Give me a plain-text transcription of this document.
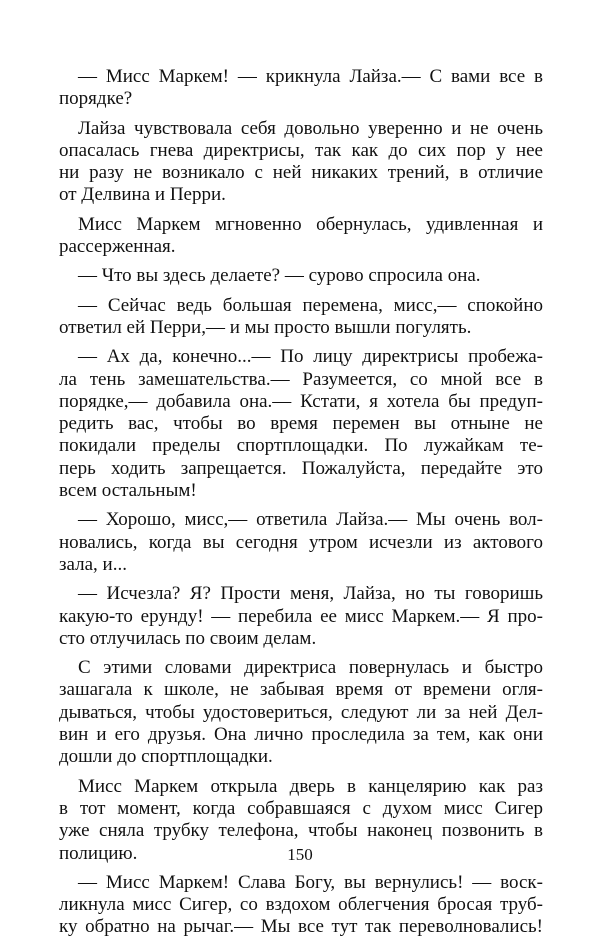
— Мисс Маркем! — крикнула Лайза.— С вами все в
порядке?
Лайза чувствовала себя довольно уверенно и не очень
опасалась гнева директрисы, так как до сих пор у нее
ни разу не возникало с ней никаких трений, в отличие
от Делвина и Перри.
Мисс Маркем мгновенно обернулась, удивленная и
рассерженная.
— Что вы здесь делаете? — сурово спросила она.
— Сейчас ведь большая перемена, мисс,— спокойно
ответил ей Перри,— и мы просто вышли погулять.
— Ах да, конечно...— По лицу директрисы пробежа-
ла тень замешательства.— Разумеется, со мной все в
порядке,— добавила она.— Кстати, я хотела бы предуп-
редить вас, чтобы во время перемен вы отныне не
покидали пределы спортплощадки. По лужайкам те-
перь ходить запрещается. Пожалуйста, передайте это
всем остальным!
— Хорошо, мисс,— ответила Лайза.— Мы очень вол-
новались, когда вы сегодня утром исчезли из актового
зала, и...
— Исчезла? Я? Прости меня, Лайза, но ты говоришь
какую-то ерунду! — перебила ее мисс Маркем.— Я про-
сто отлучилась по своим делам.
С этими словами директриса повернулась и быстро
зашагала к школе, не забывая время от времени огля-
дываться, чтобы удостовериться, следуют ли за ней Дел-
вин и его друзья. Она лично проследила за тем, как они
дошли до спортплощадки.
Мисс Маркем открыла дверь в канцелярию как раз
в тот момент, когда собравшаяся с духом мисс Сигер
уже сняла трубку телефона, чтобы наконец позвонить в
полицию.
— Мисс Маркем! Слава Богу, вы вернулись! — воск-
ликнула мисс Сигер, со вздохом облегчения бросая труб-
ку обратно на рычаг.— Мы все тут так переволновались!
150
